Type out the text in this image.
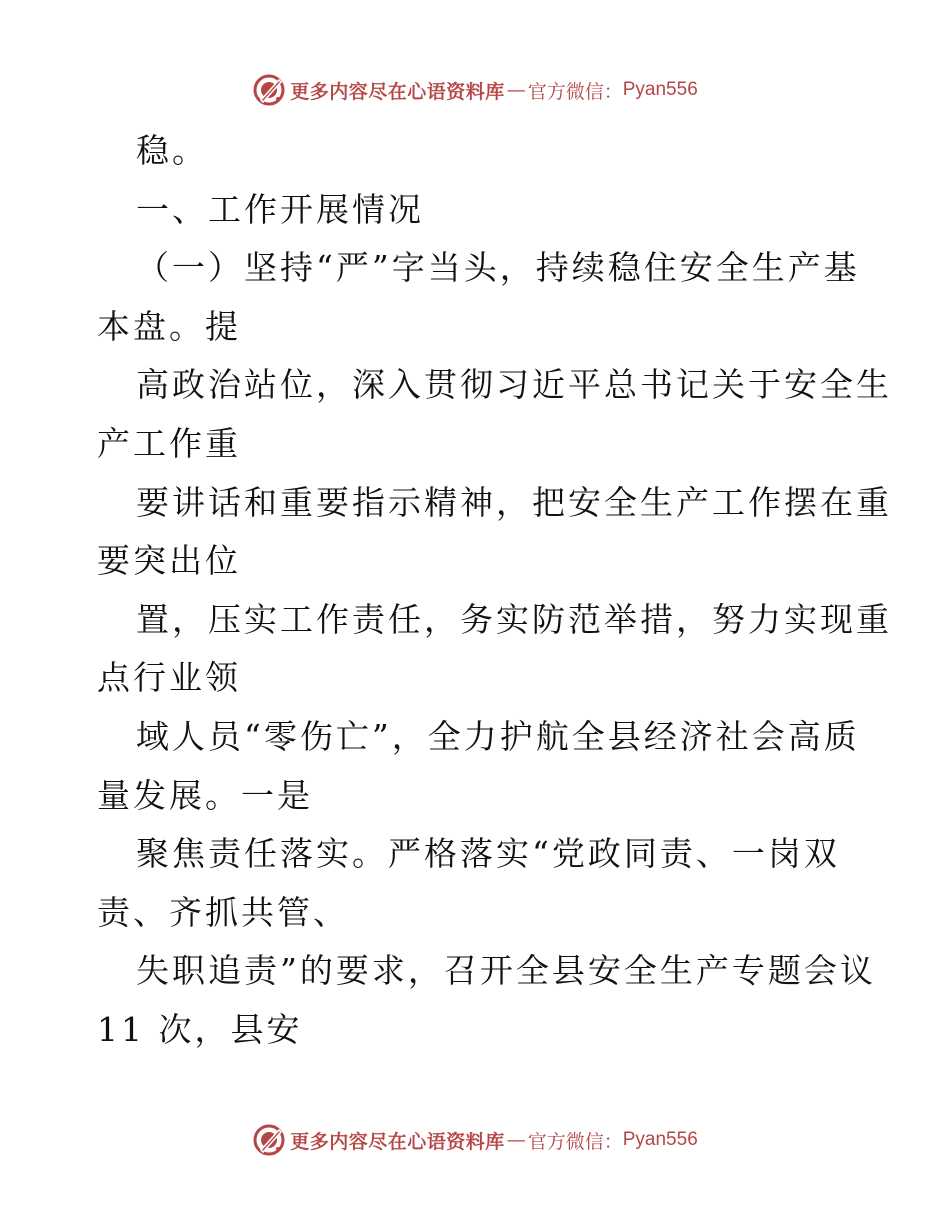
更多内容尽在心语资料库 — 官方微信： Pyan556

稳。

一、工作开展情况

（一）坚持“严”字当头，持续稳住安全生产基

本盘。提

高政治站位，深入贯彻习近平总书记关于安全生

产工作重

要讲话和重要指示精神，把安全生产工作摆在重

要突出位

置，压实工作责任，务实防范举措，努力实现重

点行业领

域人员“零伤亡”，全力护航全县经济社会高质

量发展。一是

聚焦责任落实。严格落实“党政同责、一岗双

责、齐抓共管、

失职追责”的要求，召开全县安全生产专题会议

11 次，县安

更多内容尽在心语资料库 — 官方微信： Pyan556
